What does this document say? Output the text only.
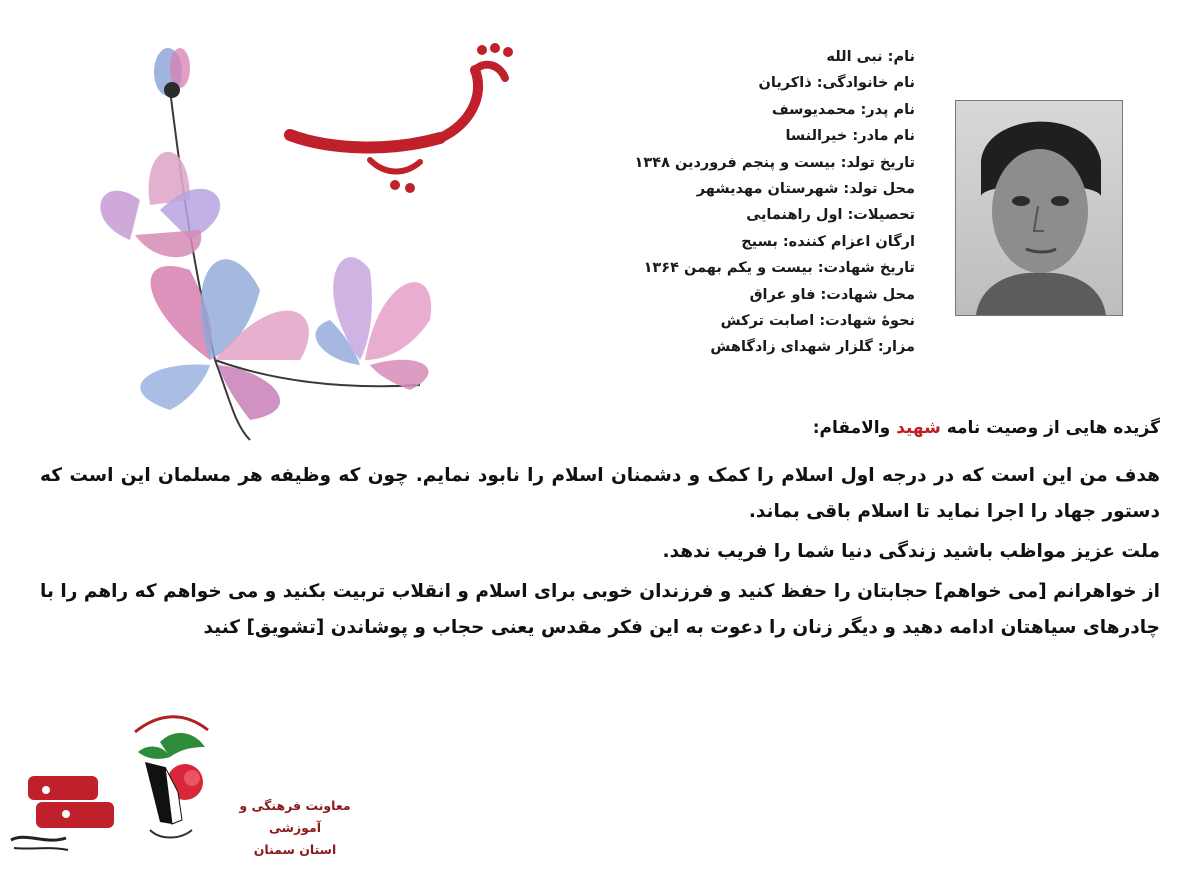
شهید
نام: نبی الله
نام خانوادگی: ذاکریان
نام پدر: محمدیوسف
نام مادر: خیرالنسا
تاریخ تولد: بیست و پنجم فروردین ۱۳۴۸
محل تولد: شهرستان مهدیشهر
تحصیلات: اول راهنمایی
ارگان اعزام کننده: بسیج
تاریخ شهادت: بیست و یکم بهمن ۱۳۶۴
محل شهادت: فاو عراق
نحوهٔ شهادت: اصابت ترکش
مزار: گلزار شهدای زادگاهش
گزیده هایی از وصیت نامه شهید والامقام:

هدف من این است که در درجه اول اسلام را کمک و دشمنان اسلام را نابود نمایم. چون که وظیفه هر مسلمان این است که دستور جهاد را اجرا نماید تا اسلام باقی بماند.

ملت عزیز مواظب باشید زندگی دنیا شما را فریب ندهد.

از خواهرانم [می خواهم] حجابتان را حفظ کنید و فرزندان خوبی برای اسلام و انقلاب تربیت بکنید و می خواهم که راهم را با چادرهای سیاهتان ادامه دهید و دیگر زنان را دعوت به این فکر مقدس یعنی حجاب و پوشاندن [تشویق] کنید

معاونت فرهنگی و آموزشی
استان سمنان
